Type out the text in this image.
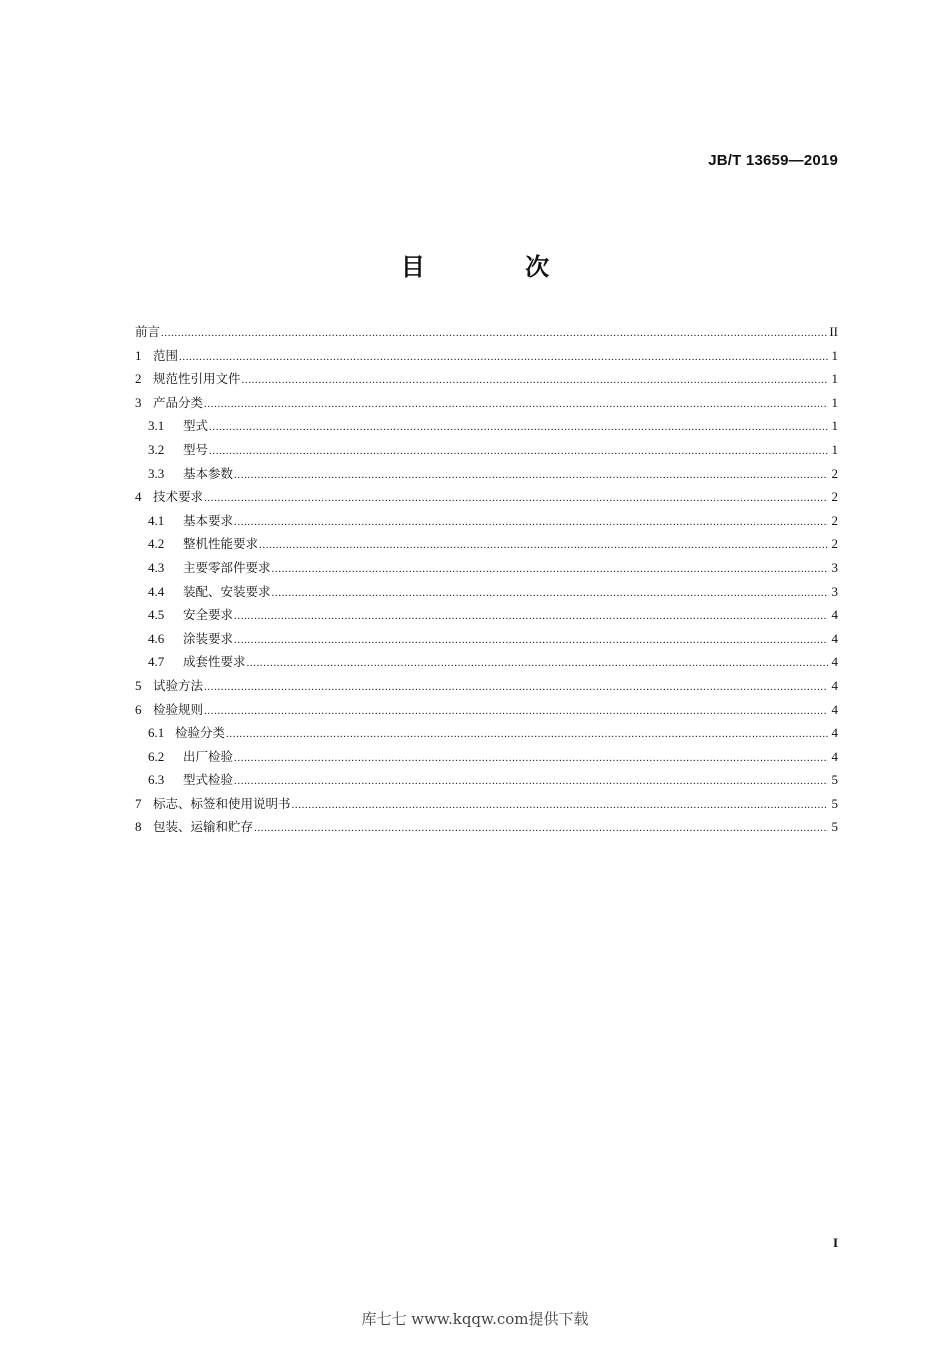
JB/T 13659—2019
目 次
前言 .....	II
1 范围 .....	1
2 规范性引用文件 .....	1
3 产品分类 .....	1
3.1	型式 .....	1
3.2	型号 .....	1
3.3	基本参数 .....	2
4 技术要求 .....	2
4.1	基本要求 .....	2
4.2	整机性能要求 .....	2
4.3	主要零部件要求 .....	3
4.4	装配、安装要求 .....	3
4.5	安全要求 .....	4
4.6	涂装要求 .....	4
4.7	成套性要求 .....	4
5 试验方法 .....	4
6 检验规则 .....	4
6.1 检验分类 .....	4
6.2	出厂检验 .....	4
6.3	型式检验 .....	5
7 标志、标签和使用说明书 .....	5
8 包装、运输和贮存 .....	5
I
库七七 www.kqqw.com提供下载
